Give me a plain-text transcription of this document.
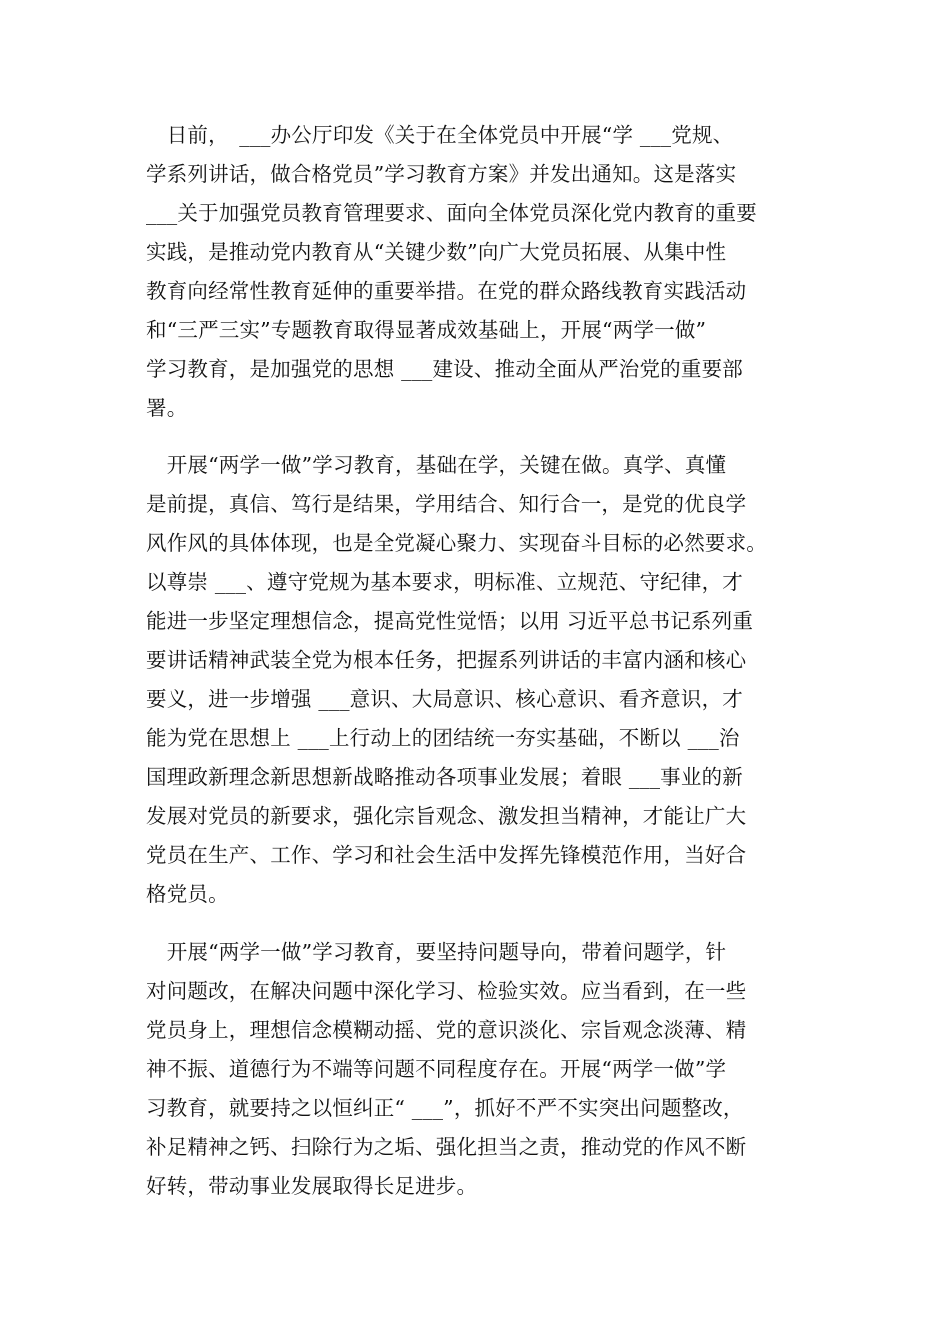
　日前，　___办公厅印发《关于在全体党员中开展“学 ___党规、
学系列讲话，做合格党员”学习教育方案》并发出通知。这是落实
___关于加强党员教育管理要求、面向全体党员深化党内教育的重要
实践，是推动党内教育从“关键少数”向广大党员拓展、从集中性
教育向经常性教育延伸的重要举措。在党的群众路线教育实践活动
和“三严三实”专题教育取得显著成效基础上，开展“两学一做”
学习教育，是加强党的思想 ___建设、推动全面从严治党的重要部
署。
　开展“两学一做”学习教育，基础在学，关键在做。真学、真懂
是前提，真信、笃行是结果，学用结合、知行合一，是党的优良学
风作风的具体体现，也是全党凝心聚力、实现奋斗目标的必然要求。
以尊崇 ___、遵守党规为基本要求，明标准、立规范、守纪律，才
能进一步坚定理想信念，提高党性觉悟；以用 习近平总书记系列重
要讲话精神武装全党为根本任务，把握系列讲话的丰富内涵和核心
要义，进一步增强 ___意识、大局意识、核心意识、看齐意识，才
能为党在思想上 ___上行动上的团结统一夯实基础，不断以 ___治
国理政新理念新思想新战略推动各项事业发展；着眼 ___事业的新
发展对党员的新要求，强化宗旨观念、激发担当精神，才能让广大
党员在生产、工作、学习和社会生活中发挥先锋模范作用，当好合
格党员。
　开展“两学一做”学习教育，要坚持问题导向，带着问题学，针
对问题改，在解决问题中深化学习、检验实效。应当看到，在一些
党员身上，理想信念模糊动摇、党的意识淡化、宗旨观念淡薄、精
神不振、道德行为不端等问题不同程度存在。开展“两学一做”学
习教育，就要持之以恒纠正“ ___”，抓好不严不实突出问题整改，
补足精神之钙、扫除行为之垢、强化担当之责，推动党的作风不断
好转，带动事业发展取得长足进步。
